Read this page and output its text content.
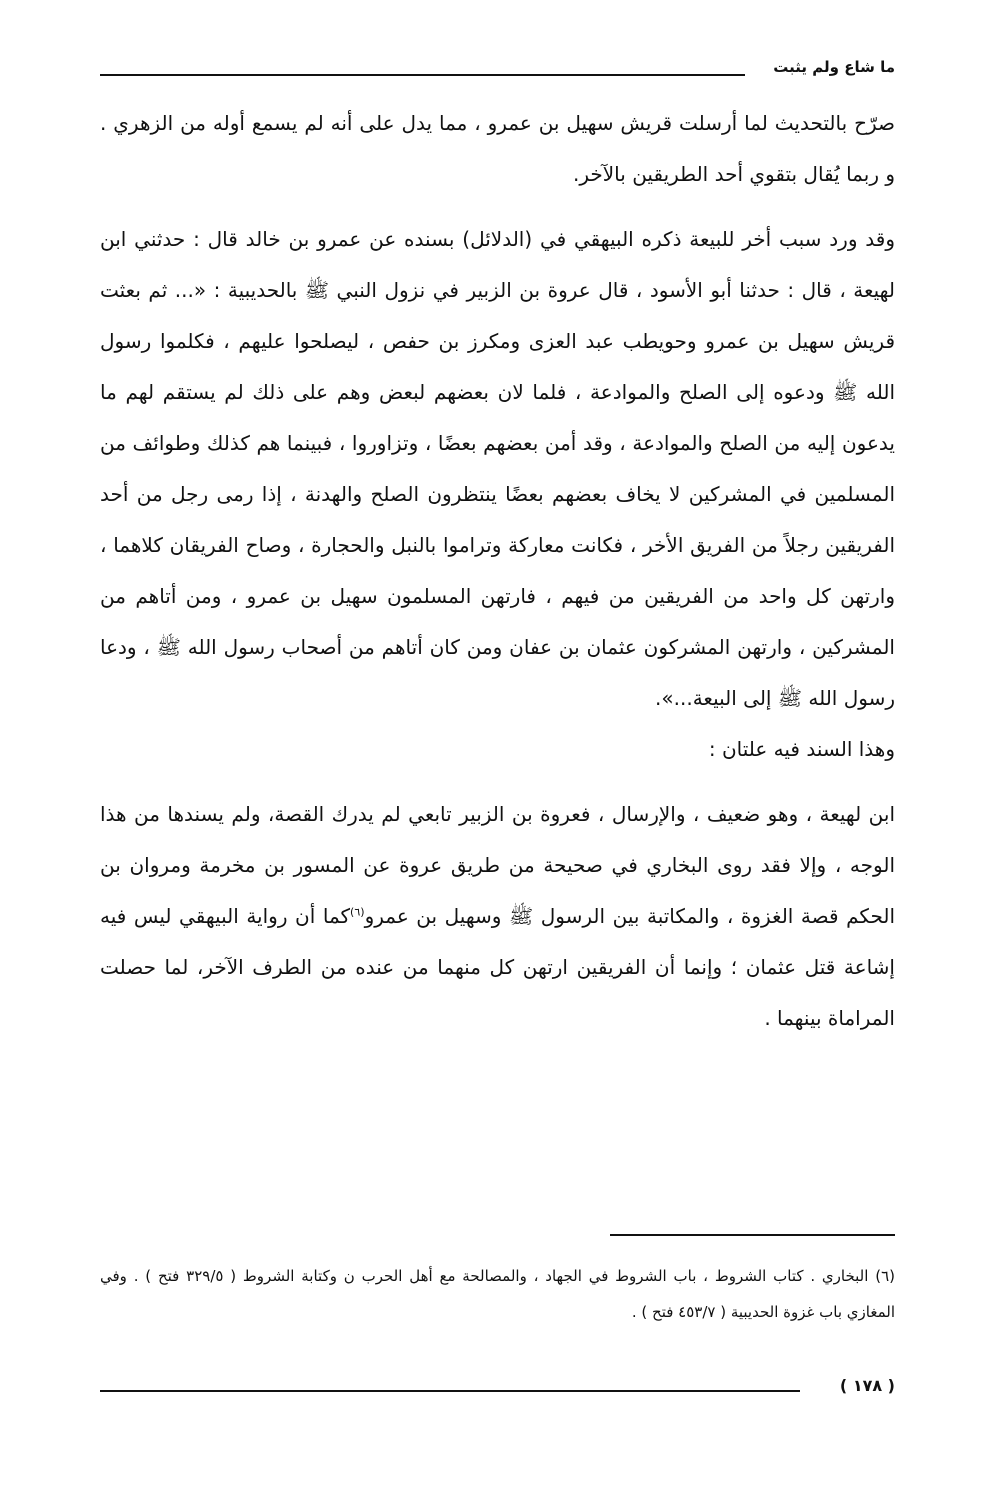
ما شاع ولم يثبت

صرّح بالتحديث لما أرسلت قريش سهيل بن عمرو ، مما يدل على أنه لم يسمع أوله من الزهري . و ربما يُقال بتقوي أحد الطريقين بالآخر.

وقد ورد سبب أخر للبيعة ذكره البيهقي في (الدلائل) بسنده عن عمرو بن خالد قال : حدثني ابن لهيعة ، قال : حدثنا أبو الأسود ، قال عروة بن الزبير في نزول النبي ﷺ بالحديبية : «... ثم بعثت قريش سهيل بن عمرو وحويطب عبد العزى ومكرز بن حفص ، ليصلحوا عليهم ، فكلموا رسول الله ﷺ ودعوه إلى الصلح والموادعة ، فلما لان بعضهم لبعض وهم على ذلك لم يستقم لهم ما يدعون إليه من الصلح والموادعة ، وقد أمن بعضهم بعضًا ، وتزاوروا ، فبينما هم كذلك وطوائف من المسلمين في المشركين لا يخاف بعضهم بعضًا ينتظرون الصلح والهدنة ، إذا رمى رجل من أحد الفريقين رجلاً من الفريق الأخر ، فكانت معاركة وتراموا بالنبل والحجارة ، وصاح الفريقان كلاهما ، وارتهن كل واحد من الفريقين من فيهم ، فارتهن المسلمون سهيل بن عمرو ، ومن أتاهم من المشركين ، وارتهن المشركون عثمان بن عفان ومن كان أتاهم من أصحاب رسول الله ﷺ ، ودعا رسول الله ﷺ إلى البيعة...».

وهذا السند فيه علتان :

ابن لهيعة ، وهو ضعيف ، والإرسال ، فعروة بن الزبير تابعي لم يدرك القصة، ولم يسندها من هذا الوجه ، وإلا فقد روى البخاري في صحيحة من طريق عروة عن المسور بن مخرمة ومروان بن الحكم قصة الغزوة ، والمكاتبة بين الرسول ﷺ وسهيل بن عمرو$^{(٦)}$كما أن رواية البيهقي ليس فيه إشاعة قتل عثمان ؛ وإنما أن الفريقين ارتهن كل منهما من عنده من الطرف الآخر، لما حصلت المراماة بينهما .

(٦) البخاري . كتاب الشروط ، باب الشروط في الجهاد ، والمصالحة مع أهل الحرب ن وكتابة الشروط ( ٣٢٩/٥ فتح ) . وفي المغازي باب غزوة الحديبية ( ٤٥٣/٧ فتح ) .
( ١٧٨ )
